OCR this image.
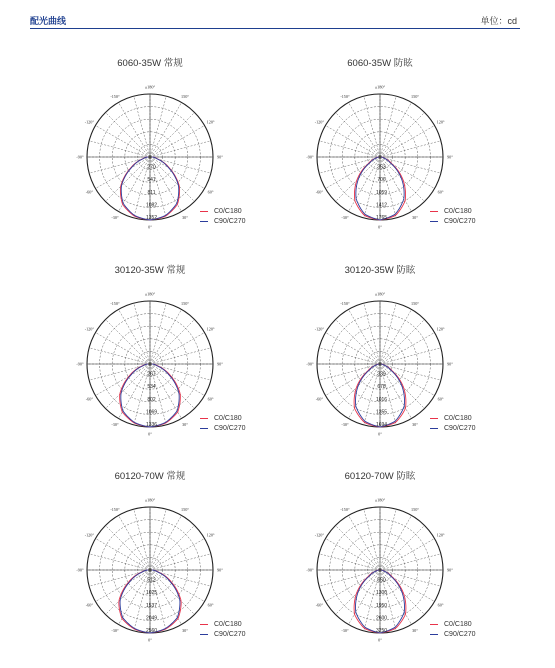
配光曲线	单位：cd
6060-35W 常规
±180°
150°
120°
90°
60°
30°
0°
-30°
-60°
-90°
-120°
-150°
270
541
811
1082
1352
C0/C180
C90/C270
6060-35W 防眩
±180°
150°
120°
90°
60°
30°
0°
-30°
-60°
-90°
-120°
-150°
353
706
1059
1412
1765
C0/C180
C90/C270
30120-35W 常规
±180°
150°
120°
90°
60°
30°
0°
-30°
-60°
-90°
-120°
-150°
267
534
802
1069
1336
C0/C180
C90/C270
30120-35W 防眩
±180°
150°
120°
90°
60°
30°
0°
-30°
-60°
-90°
-120°
-150°
339
678
1016
1355
1694
C0/C180
C90/C270
60120-70W 常规
±180°
150°
120°
90°
60°
30°
0°
-30°
-60°
-90°
-120°
-150°
512
1025
1537
2049
2560
C0/C180
C90/C270
60120-70W 防眩
±180°
150°
120°
90°
60°
30°
0°
-30°
-60°
-90°
-120°
-150°
650
1300
1950
2600
3250
C0/C180
C90/C270
